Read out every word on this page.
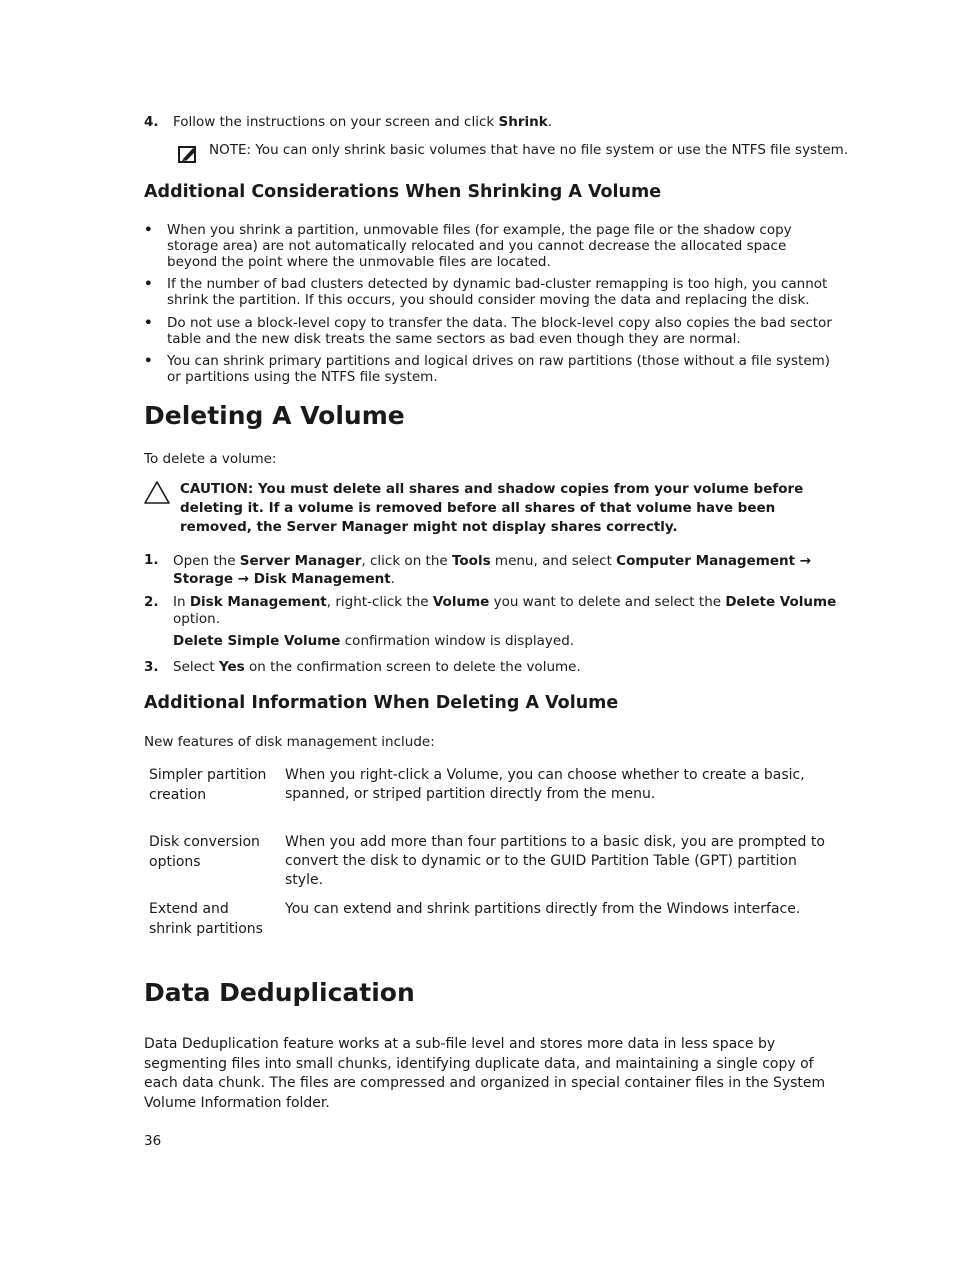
4. Follow the instructions on your screen and click Shrink.
NOTE: You can only shrink basic volumes that have no file system or use the NTFS file system.
Additional Considerations When Shrinking A Volume
• When you shrink a partition, unmovable files (for example, the page file or the shadow copy storage area) are not automatically relocated and you cannot decrease the allocated space beyond the point where the unmovable files are located.
• If the number of bad clusters detected by dynamic bad-cluster remapping is too high, you cannot shrink the partition. If this occurs, you should consider moving the data and replacing the disk.
• Do not use a block-level copy to transfer the data. The block-level copy also copies the bad sector table and the new disk treats the same sectors as bad even though they are normal.
• You can shrink primary partitions and logical drives on raw partitions (those without a file system) or partitions using the NTFS file system.
Deleting A Volume
To delete a volume:
CAUTION: You must delete all shares and shadow copies from your volume before deleting it. If a volume is removed before all shares of that volume have been removed, the Server Manager might not display shares correctly.
1. Open the Server Manager, click on the Tools menu, and select Computer Management → Storage → Disk Management.
2. In Disk Management, right-click the Volume you want to delete and select the Delete Volume option.
Delete Simple Volume confirmation window is displayed.
3. Select Yes on the confirmation screen to delete the volume.
Additional Information When Deleting A Volume
New features of disk management include:
Simpler partition creation
When you right-click a Volume, you can choose whether to create a basic, spanned, or striped partition directly from the menu.
Disk conversion options
When you add more than four partitions to a basic disk, you are prompted to convert the disk to dynamic or to the GUID Partition Table (GPT) partition style.
Extend and shrink partitions
You can extend and shrink partitions directly from the Windows interface.
Data Deduplication
Data Deduplication feature works at a sub-file level and stores more data in less space by segmenting files into small chunks, identifying duplicate data, and maintaining a single copy of each data chunk. The files are compressed and organized in special container files in the System Volume Information folder.
36
